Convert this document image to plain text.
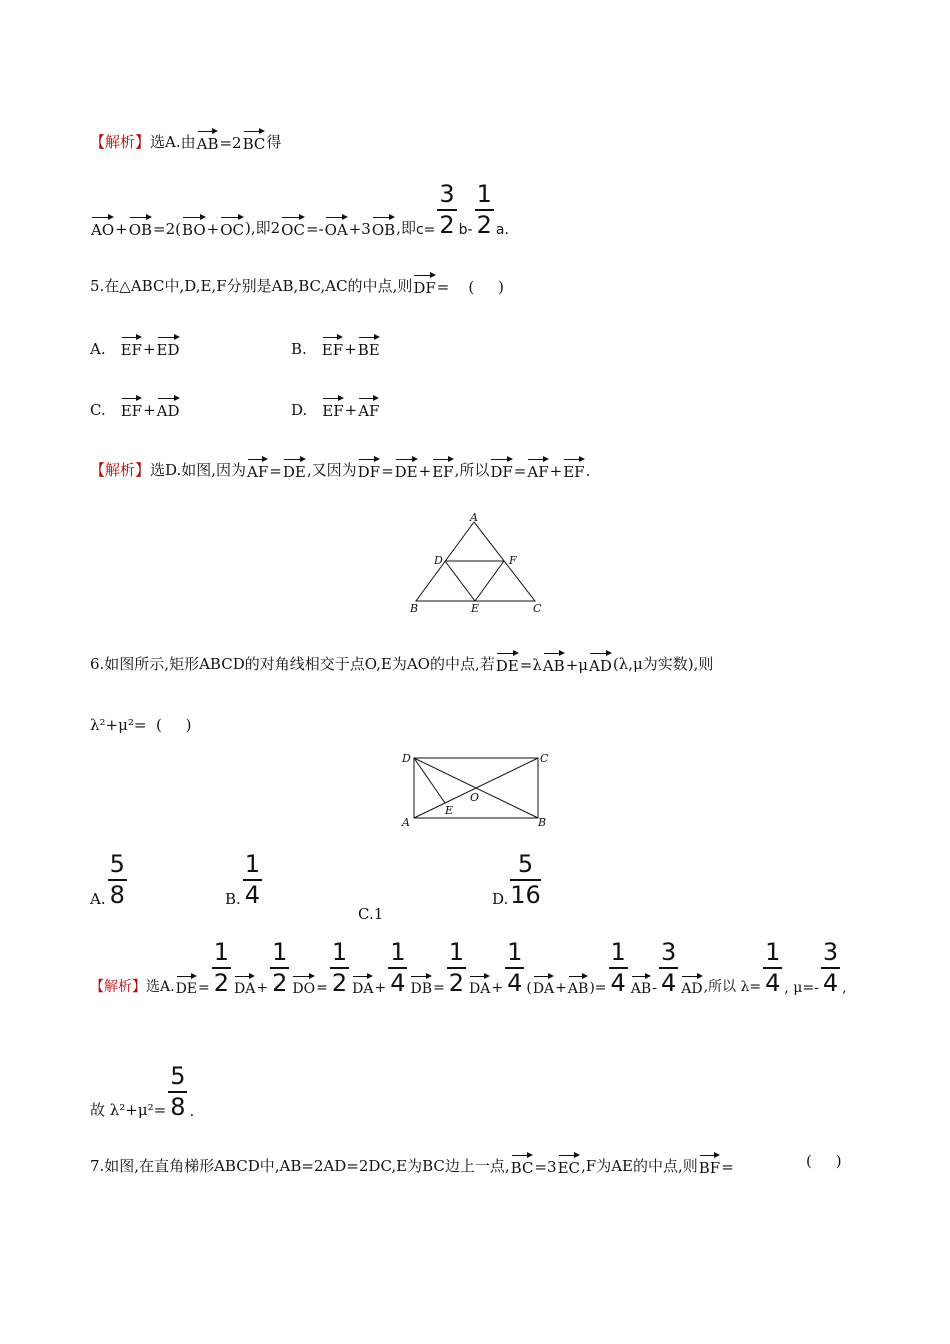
【解析】 选A.由 AB =2 BC 得
AO + OB =2( BO + OC ),即2 OC =- OA +3 OB ,即 $c= \frac{3}{2} b- \frac{1}{2} a$.
5.在△ABC中,D,E,F分别是AB,BC,AC的中点,则 DF =    (     )
A. EF + ED	B. EF + BE
C. EF + AD	D. EF + AF
【解析】 选D.如图,因为 AF = DE ,又因为 DF = DE + EF ,所以 DF = AF + EF .
A
D	F
B	E	C
6.如图所示,矩形ABCD的对角线相交于点O,E为AO的中点,若 DE =λ AB +μ AD (λ,μ为实数),则
λ²+μ²=  (     )
D	C
O
E
A	B
A. $\frac{5}{8}$	B. $\frac{1}{4}$
C.1
D. $\frac{5}{16}$
【解析】 选A. DE = $\frac{1}{2}$ DA + $\frac{1}{2}$ DO = $\frac{1}{2}$ DA + $\frac{1}{4}$ DB = $\frac{1}{2}$ DA + $\frac{1}{4}$ ( DA + AB )= $\frac{1}{4}$ AB - $\frac{3}{4}$ AD ,所以 $\lambda= \frac{1}{4}$ , $\mu=- \frac{3}{4}$ ,
故 $\lambda^2+\mu^2= \frac{5}{8}$ .
7.如图,在直角梯形ABCD中,AB=2AD=2DC,E为BC边上一点, BC =3 EC ,F为AE的中点,则 BF =	(     )
